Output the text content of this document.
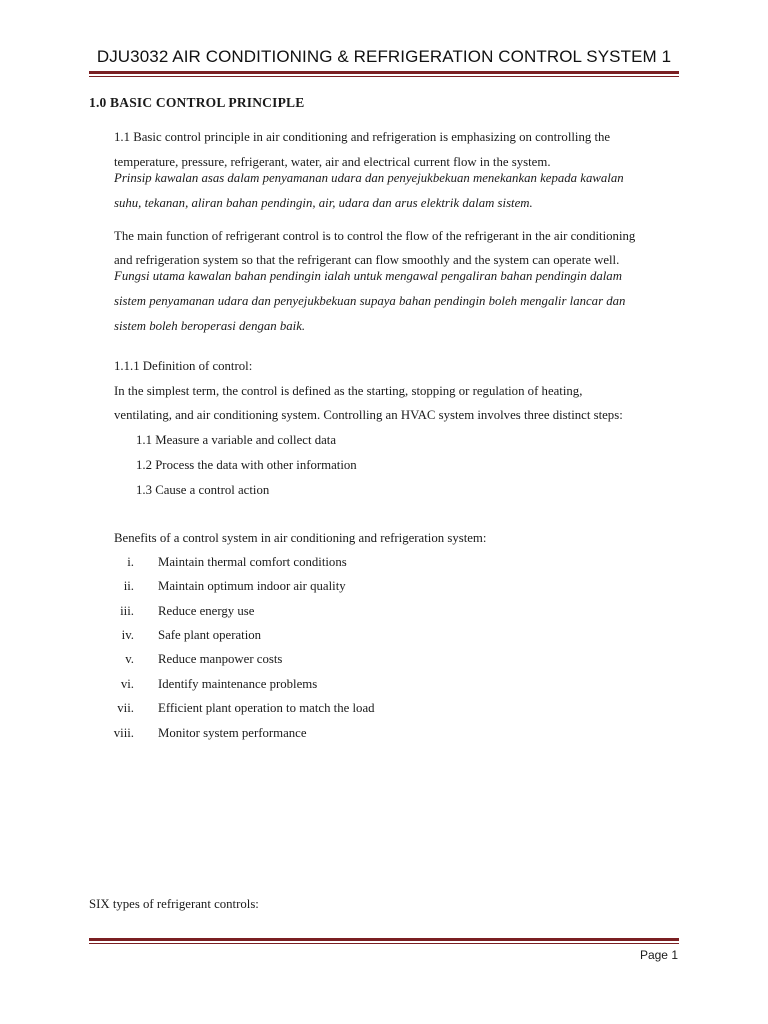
DJU3032 AIR CONDITIONING & REFRIGERATION CONTROL SYSTEM 1
1.0 BASIC CONTROL PRINCIPLE
1.1 Basic control principle in air conditioning and refrigeration is emphasizing on controlling the
temperature, pressure, refrigerant, water, air and electrical current flow in the system.
Prinsip kawalan asas dalam penyamanan udara dan penyejukbekuan menekankan kepada kawalan
suhu, tekanan, aliran bahan pendingin, air, udara dan arus elektrik dalam sistem.
The main function of refrigerant control is to control the flow of the refrigerant in the air conditioning
and refrigeration system so that the refrigerant can flow smoothly and the system can operate well.
Fungsi utama kawalan bahan pendingin ialah untuk mengawal pengaliran bahan pendingin dalam
sistem penyamanan udara dan penyejukbekuan supaya bahan pendingin boleh mengalir lancar dan
sistem boleh beroperasi dengan baik.
1.1.1 Definition of control:
In the simplest term, the control is defined as the starting, stopping or regulation of heating,
ventilating, and air conditioning system. Controlling an HVAC system involves three distinct steps:
1.1 Measure a variable and collect data
1.2 Process the data with other information
1.3 Cause a control action
Benefits of a control system in air conditioning and refrigeration system:
i. Maintain thermal comfort conditions
ii. Maintain optimum indoor air quality
iii. Reduce energy use
iv. Safe plant operation
v. Reduce manpower costs
vi. Identify maintenance problems
vii. Efficient plant operation to match the load
viii. Monitor system performance
SIX types of refrigerant controls:
Page 1
